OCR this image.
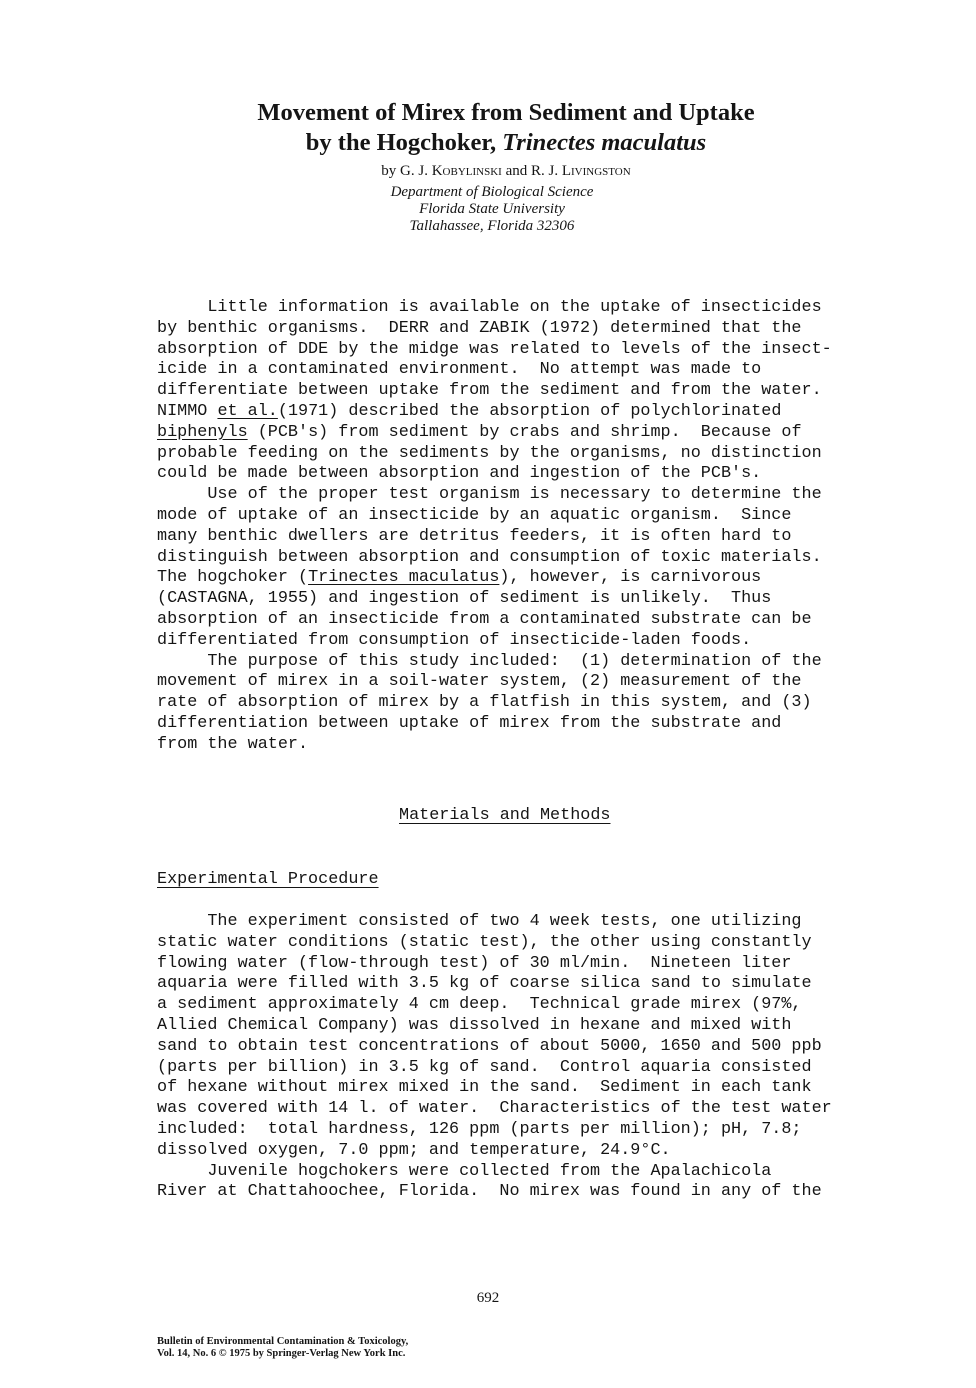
Movement of Mirex from Sediment and Uptake
by the Hogchoker, Trinectes maculatus
by G. J. Kobylinski and R. J. Livingston
Department of Biological Science
Florida State University
Tallahassee, Florida 32306
Little information is available on the uptake of insecticides
by benthic organisms.  DERR and ZABIK (1972) determined that the
absorption of DDE by the midge was related to levels of the insect-
icide in a contaminated environment.  No attempt was made to
differentiate between uptake from the sediment and from the water.
NIMMO et al.(1971) described the absorption of polychlorinated
biphenyls (PCB's) from sediment by crabs and shrimp.  Because of
probable feeding on the sediments by the organisms, no distinction
could be made between absorption and ingestion of the PCB's.
Use of the proper test organism is necessary to determine the
mode of uptake of an insecticide by an aquatic organism.  Since
many benthic dwellers are detritus feeders, it is often hard to
distinguish between absorption and consumption of toxic materials.
The hogchoker (Trinectes maculatus), however, is carnivorous
(CASTAGNA, 1955) and ingestion of sediment is unlikely.  Thus
absorption of an insecticide from a contaminated substrate can be
differentiated from consumption of insecticide-laden foods.
The purpose of this study included:  (1) determination of the
movement of mirex in a soil-water system, (2) measurement of the
rate of absorption of mirex by a flatfish in this system, and (3)
differentiation between uptake of mirex from the substrate and
from the water.
Materials and Methods
Experimental Procedure
The experiment consisted of two 4 week tests, one utilizing
static water conditions (static test), the other using constantly
flowing water (flow-through test) of 30 ml/min.  Nineteen liter
aquaria were filled with 3.5 kg of coarse silica sand to simulate
a sediment approximately 4 cm deep.  Technical grade mirex (97%,
Allied Chemical Company) was dissolved in hexane and mixed with
sand to obtain test concentrations of about 5000, 1650 and 500 ppb
(parts per billion) in 3.5 kg of sand.  Control aquaria consisted
of hexane without mirex mixed in the sand.  Sediment in each tank
was covered with 14 l. of water.  Characteristics of the test water
included:  total hardness, 126 ppm (parts per million); pH, 7.8;
dissolved oxygen, 7.0 ppm; and temperature, 24.9°C.
Juvenile hogchokers were collected from the Apalachicola
River at Chattahoochee, Florida.  No mirex was found in any of the
692
Bulletin of Environmental Contamination & Toxicology,
Vol. 14, No. 6 © 1975 by Springer-Verlag New York Inc.
